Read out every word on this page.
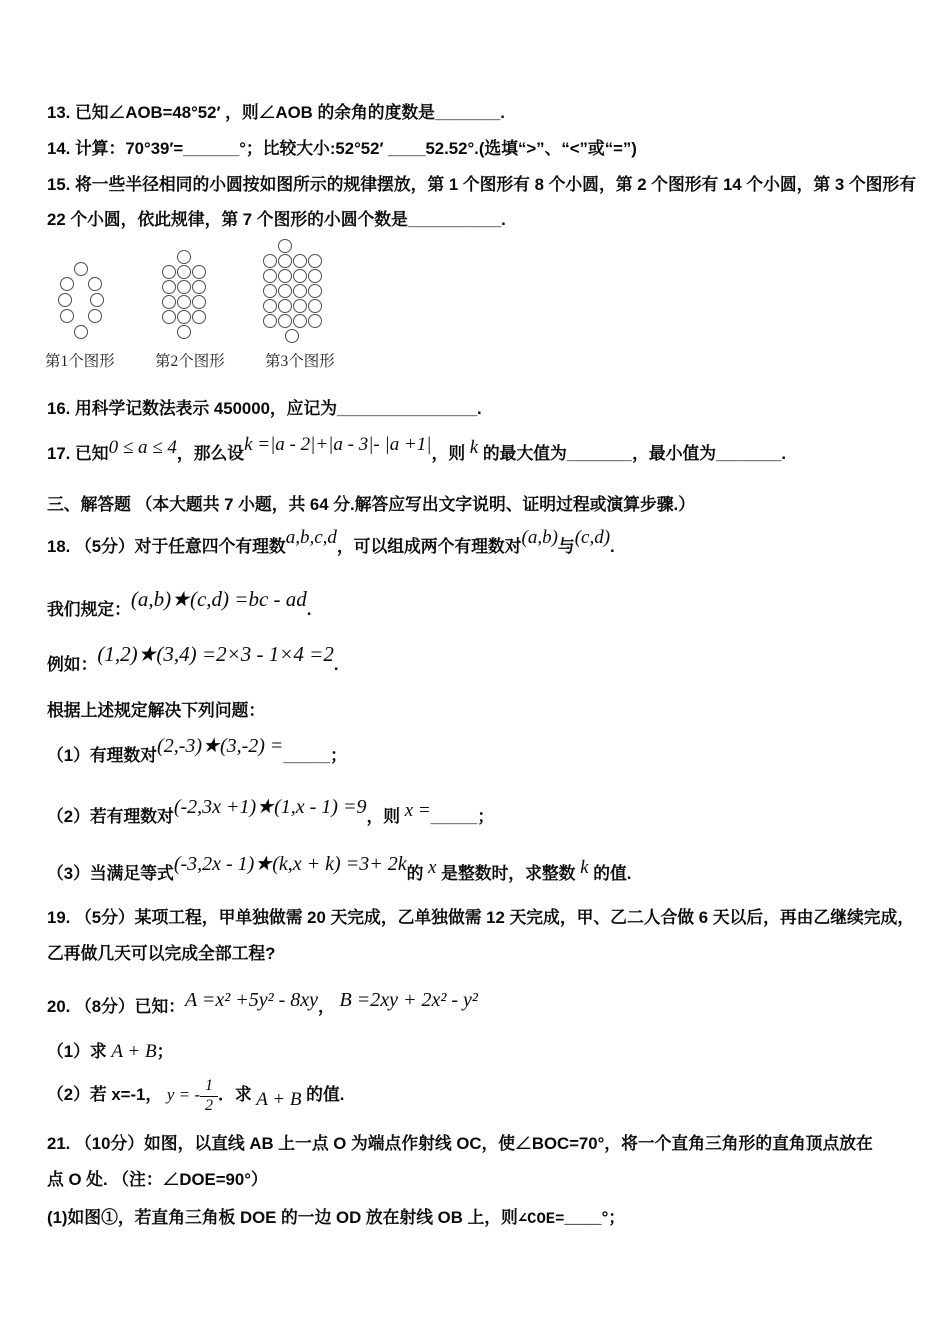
13. 已知∠AOB=48°52′ ，则∠AOB 的余角的度数是_______.
14. 计算：70°39′=______°；比较大小:52°52′ ____52.52°.(选填“>”、“<”或“=”)
15. 将一些半径相同的小圆按如图所示的规律摆放，第 1 个图形有 8 个小圆，第 2 个图形有 14 个小圆，第 3 个图形有
22 个小圆，依此规律，第 7 个图形的小圆个数是__________.
第1个图形	第2个图形	第3个图形
16. 用科学记数法表示 450000，应记为_______________.
17. 已知0 ≤ a ≤ 4，那么设k =|a - 2|+|a - 3|- |a +1|，则 k 的最大值为_______，最小值为_______.
三、解答题 （本大题共 7 小题，共 64 分.解答应写出文字说明、证明过程或演算步骤.）
18. （5分）对于任意四个有理数a,b,c,d，可以组成两个有理数对(a,b)与(c,d).
我们规定：(a,b)★(c,d) =bc - ad.
例如：(1,2)★(3,4) =2×3 - 1×4 =2.
根据上述规定解决下列问题：
（1）有理数对(2,-3)★(3,-2) =_____；
（2）若有理数对(-2,3x +1)★(1,x - 1) =9，则 x =_____；
（3）当满足等式(-3,2x - 1)★(k,x + k) =3+ 2k的 x 是整数时，求整数 k 的值.
19. （5分）某项工程，甲单独做需 20 天完成，乙单独做需 12 天完成，甲、乙二人合做 6 天以后，再由乙继续完成，
乙再做几天可以完成全部工程?
20. （8分）已知：A =x² +5y² - 8xy， B =2xy + 2x² - y²
（1）求 A + B；
（2）若 x=-1， y = - $\frac{1}{2}$ ．求 A + B 的值.
21. （10分）如图，以直线 AB 上一点 O 为端点作射线 OC，使∠BOC=70°，将一个直角三角形的直角顶点放在
点 O 处. （注：∠DOE=90°）
(1)如图①，若直角三角板 DOE 的一边 OD 放在射线 OB 上，则∠COE=____°；
